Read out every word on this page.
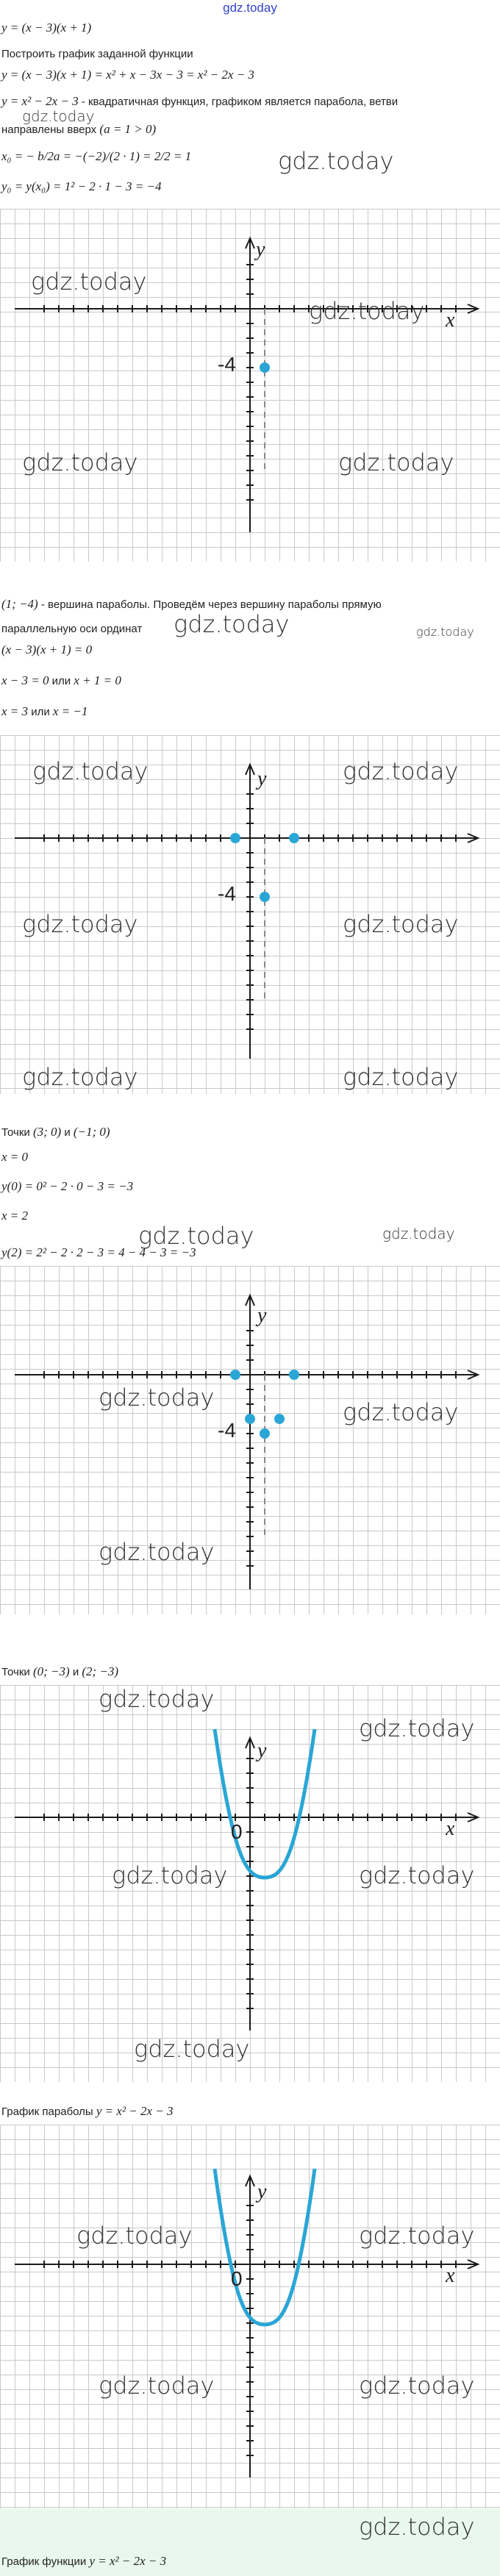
gdz.today
y = (x − 3)(x + 1)
Построить график заданной функции
y = (x − 3)(x + 1) = x² + x − 3x − 3 = x² − 2x − 3
y = x² − 2x − 3 - квадратичная функция, графиком является парабола, ветви
направлены вверх (a = 1 > 0)
gdz.today
x₀ = − b/2a = −(−2)/(2 · 1) = 2/2 = 1
y₀ = y(x₀) = 1² − 2 · 1 − 3 = −4
y
x
-4
gdz.today
gdz.today
gdz.today	gdz.today
gdz.today
(1; −4) - вершина параболы. Проведём через вершину параболы прямую
параллельную оси ординат gdz.today	gdz.today
(x − 3)(x + 1) = 0
x − 3 = 0 или x + 1 = 0
x = 3 или x = −1
y
-4
gdz.today	gdz.today
gdz.today	gdz.today
gdz.today	gdz.today
Точки (3; 0) и (−1; 0)
x = 0
y(0) = 0² − 2 · 0 − 3 = −3
x = 2
y(2) = 2² − 2 · 2 − 3 = 4 − 4 − 3 = −3
gdz.today	gdz.today
y
-4
gdz.today
gdz.today
gdz.today
Точки (0; −3) и (2; −3)
y
x
0
gdz.today
gdz.today
gdz.today	gdz.today
gdz.today
График параболы y = x² − 2x − 3
y
x
0
gdz.today	gdz.today
gdz.today	gdz.today
gdz.today
График функции y = x² − 2x − 3
